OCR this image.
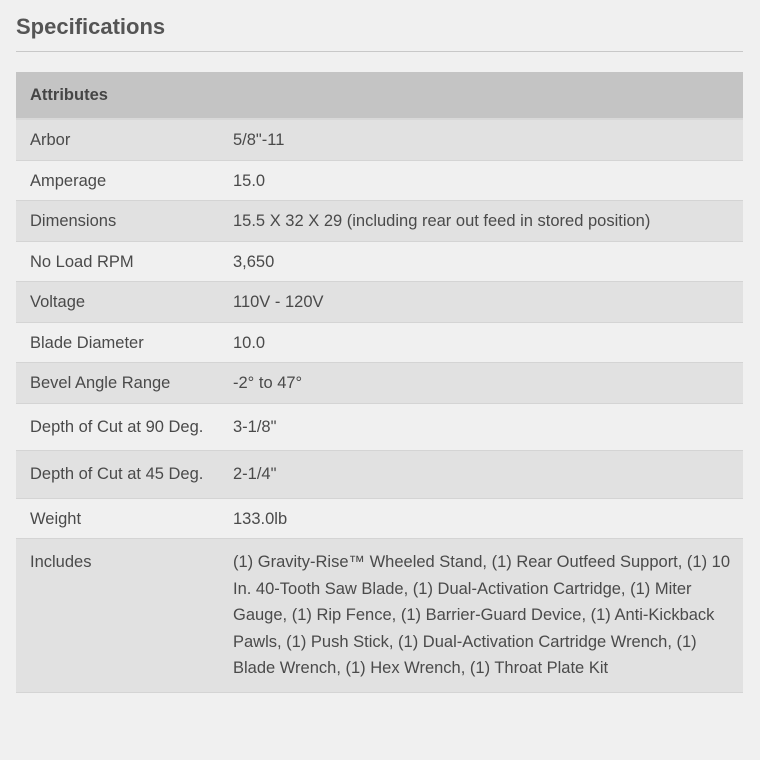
Specifications
Attributes	
Arbor	5/8"-11
Amperage	15.0
Dimensions	15.5 X 32 X 29 (including rear out feed in stored position)
No Load RPM	3,650
Voltage	110V - 120V
Blade Diameter	10.0
Bevel Angle Range	-2° to 47°
Depth of Cut at 90 Deg.	3-1/8"
Depth of Cut at 45 Deg.	2-1/4"
Weight	133.0lb
Includes	(1) Gravity-Rise™ Wheeled Stand, (1) Rear Outfeed Support, (1) 10 In. 40-Tooth Saw Blade, (1) Dual-Activation Cartridge, (1) Miter Gauge, (1) Rip Fence, (1) Barrier-Guard Device, (1) Anti-Kickback Pawls, (1) Push Stick, (1) Dual-Activation Cartridge Wrench, (1) Blade Wrench, (1) Hex Wrench, (1) Throat Plate Kit
